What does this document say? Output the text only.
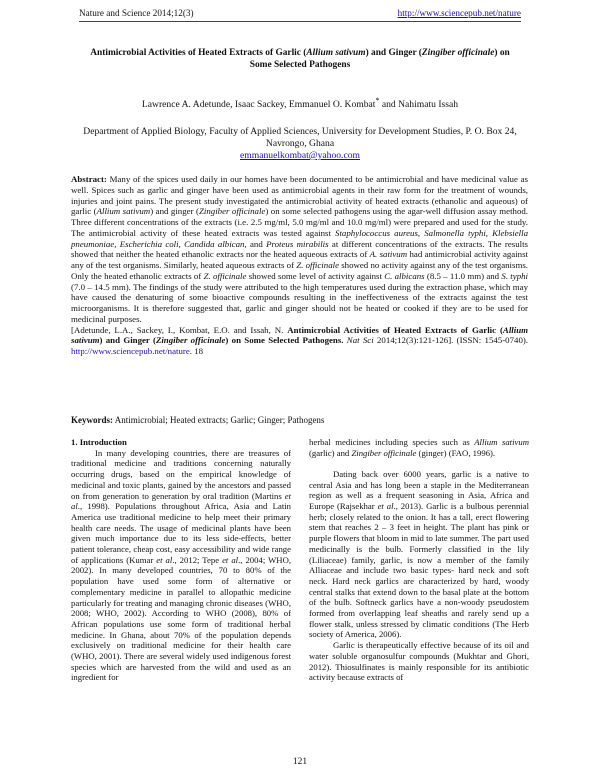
Nature and Science 2014;12(3)	http://www.sciencepub.net/nature
Antimicrobial Activities of Heated Extracts of Garlic (Allium sativum) and Ginger (Zingiber officinale) on Some Selected Pathogens
Lawrence A. Adetunde, Isaac Sackey, Emmanuel O. Kombat* and Nahimatu Issah
Department of Applied Biology, Faculty of Applied Sciences, University for Development Studies, P. O. Box 24,
Navrongo, Ghana
emmanuelkombat@yahoo.com
Abstract: Many of the spices used daily in our homes have been documented to be antimicrobial and have medicinal value as well. Spices such as garlic and ginger have been used as antimicrobial agents in their raw form for the treatment of wounds, injuries and joint pains. The present study investigated the antimicrobial activity of heated extracts (ethanolic and aqueous) of garlic (Allium sativum) and ginger (Zingiber officinale) on some selected pathogens using the agar-well diffusion assay method. Three different concentrations of the extracts (i.e. 2.5 mg/ml, 5.0 mg/ml and 10.0 mg/ml) were prepared and used for the study. The antimicrobial activity of these heated extracts was tested against Staphylococcus aureus, Salmonella typhi, Klebsiella pneumoniae, Escherichia coli, Candida albican, and Proteus mirabilis at different concentrations of the extracts. The results showed that neither the heated ethanolic extracts nor the heated aqueous extracts of A. sativum had antimicrobial activity against any of the test organisms. Similarly, heated aqueous extracts of Z. officinale showed no activity against any of the test organisms. Only the heated ethanolic extracts of Z. officinale showed some level of activity against C. albicans (8.5 – 11.0 mm) and S. typhi (7.0 – 14.5 mm). The findings of the study were attributed to the high temperatures used during the extraction phase, which may have caused the denaturing of some bioactive compounds resulting in the ineffectiveness of the extracts against the test microorganisms. It is therefore suggested that, garlic and ginger should not be heated or cooked if they are to be used for medicinal purposes.
[Adetunde, L.A., Sackey, I., Kombat, E.O. and Issah, N. Antimicrobial Activities of Heated Extracts of Garlic (Allium sativum) and Ginger (Zingiber officinale) on Some Selected Pathogens. Nat Sci 2014;12(3):121-126]. (ISSN: 1545-0740). http://www.sciencepub.net/nature. 18
Keywords: Antimicrobial; Heated extracts; Garlic; Ginger; Pathogens

1. Introduction

In many developing countries, there are treasures of traditional medicine and traditions concerning naturally occurring drugs, based on the empirical knowledge of medicinal and toxic plants, gained by the ancestors and passed on from generation to generation by oral tradition (Martins et al., 1998). Populations throughout Africa, Asia and Latin America use traditional medicine to help meet their primary health care needs. The usage of medicinal plants have been given much importance due to its less side-effects, better patient tolerance, cheap cost, easy accessibility and wide range of applications (Kumar et al., 2012; Tepe et al., 2004; WHO, 2002). In many developed countries, 70 to 80% of the population have used some form of alternative or complementary medicine in parallel to allopathic medicine particularly for treating and managing chronic diseases (WHO, 2008; WHO, 2002). According to WHO (2008), 80% of African populations use some form of traditional herbal medicine. In Ghana, about 70% of the population depends exclusively on traditional medicine for their health care (WHO, 2001). There are several widely used indigenous forest species which are harvested from the wild and used as an ingredient for

herbal medicines including species such as Allium sativum (garlic) and Zingiber officinale (ginger) (FAO, 1996).

Dating back over 6000 years, garlic is a native to central Asia and has long been a staple in the Mediterranean region as well as a frequent seasoning in Asia, Africa and Europe (Rajsekhar et al., 2013). Garlic is a bulbous perennial herb; closely related to the onion. It has a tall, erect flowering stem that reaches 2 – 3 feet in height. The plant has pink or purple flowers that bloom in mid to late summer. The part used medicinally is the bulb. Formerly classified in the lily (Liliaceae) family, garlic, is now a member of the family Alliaceae and include two basic types- hard neck and soft neck. Hard neck garlics are characterized by hard, woody central stalks that extend down to the basal plate at the bottom of the bulb. Softneck garlics have a non-woody pseudostem formed from overlapping leaf sheaths and rarely send up a flower stalk, unless stressed by climatic conditions (The Herb society of America, 2006).

Garlic is therapeutically effective because of its oil and water soluble organosulfur compounds (Mukhtar and Ghori, 2012). Thiosulfinates is mainly responsible for its antibiotic activity because extracts of

121
